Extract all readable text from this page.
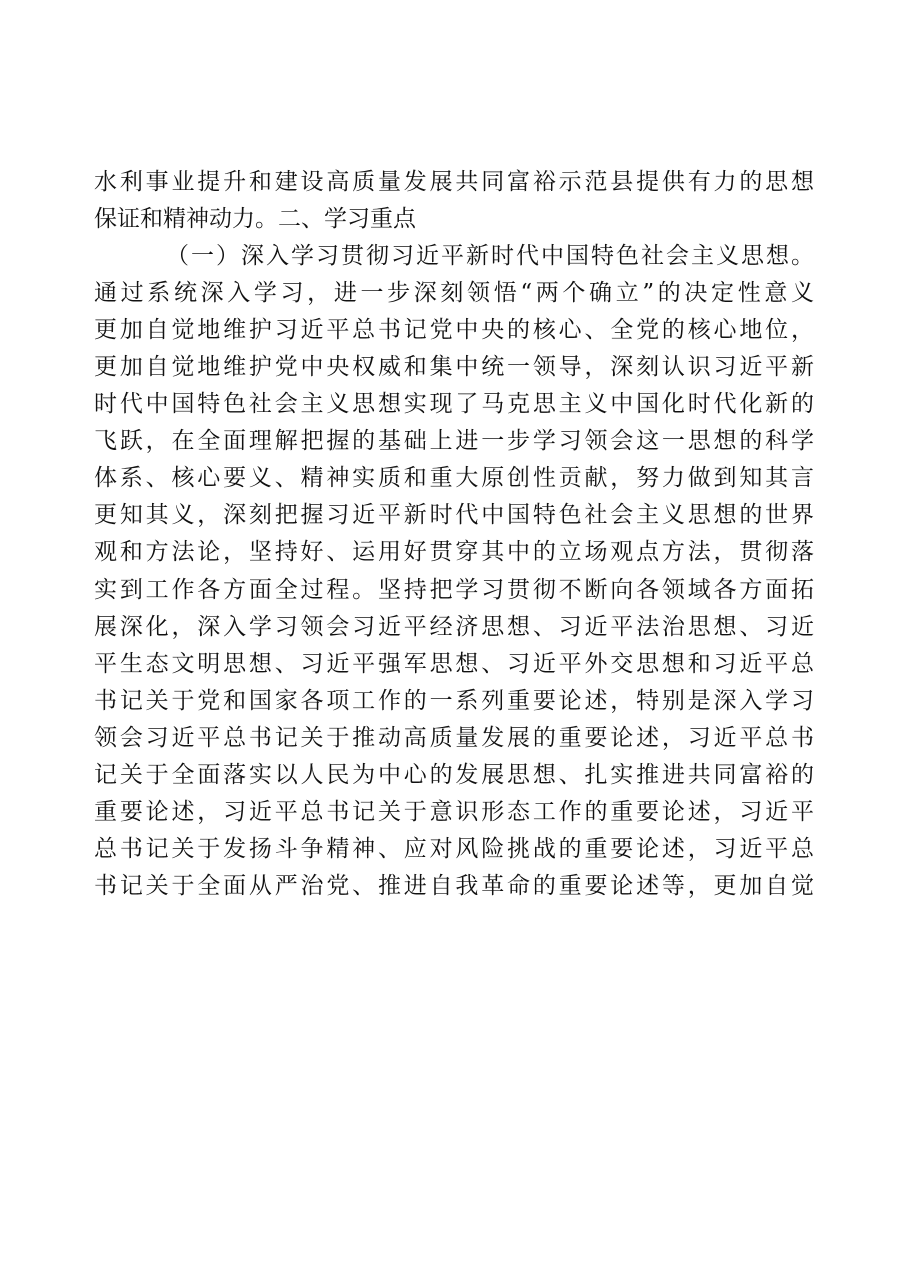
水利事业提升和建设高质量发展共同富裕示范县提供有力的思想
保证和精神动力。二、学习重点
（一）深入学习贯彻习近平新时代中国特色社会主义思想。
通过系统深入学习，进一步深刻领悟“两个确立”的决定性意义
更加自觉地维护习近平总书记党中央的核心、全党的核心地位，
更加自觉地维护党中央权威和集中统一领导，深刻认识习近平新
时代中国特色社会主义思想实现了马克思主义中国化时代化新的
飞跃，在全面理解把握的基础上进一步学习领会这一思想的科学
体系、核心要义、精神实质和重大原创性贡献，努力做到知其言
更知其义，深刻把握习近平新时代中国特色社会主义思想的世界
观和方法论，坚持好、运用好贯穿其中的立场观点方法，贯彻落
实到工作各方面全过程。坚持把学习贯彻不断向各领域各方面拓
展深化，深入学习领会习近平经济思想、习近平法治思想、习近
平生态文明思想、习近平强军思想、习近平外交思想和习近平总
书记关于党和国家各项工作的一系列重要论述，特别是深入学习
领会习近平总书记关于推动高质量发展的重要论述，习近平总书
记关于全面落实以人民为中心的发展思想、扎实推进共同富裕的
重要论述，习近平总书记关于意识形态工作的重要论述，习近平
总书记关于发扬斗争精神、应对风险挑战的重要论述，习近平总
书记关于全面从严治党、推进自我革命的重要论述等，更加自觉
